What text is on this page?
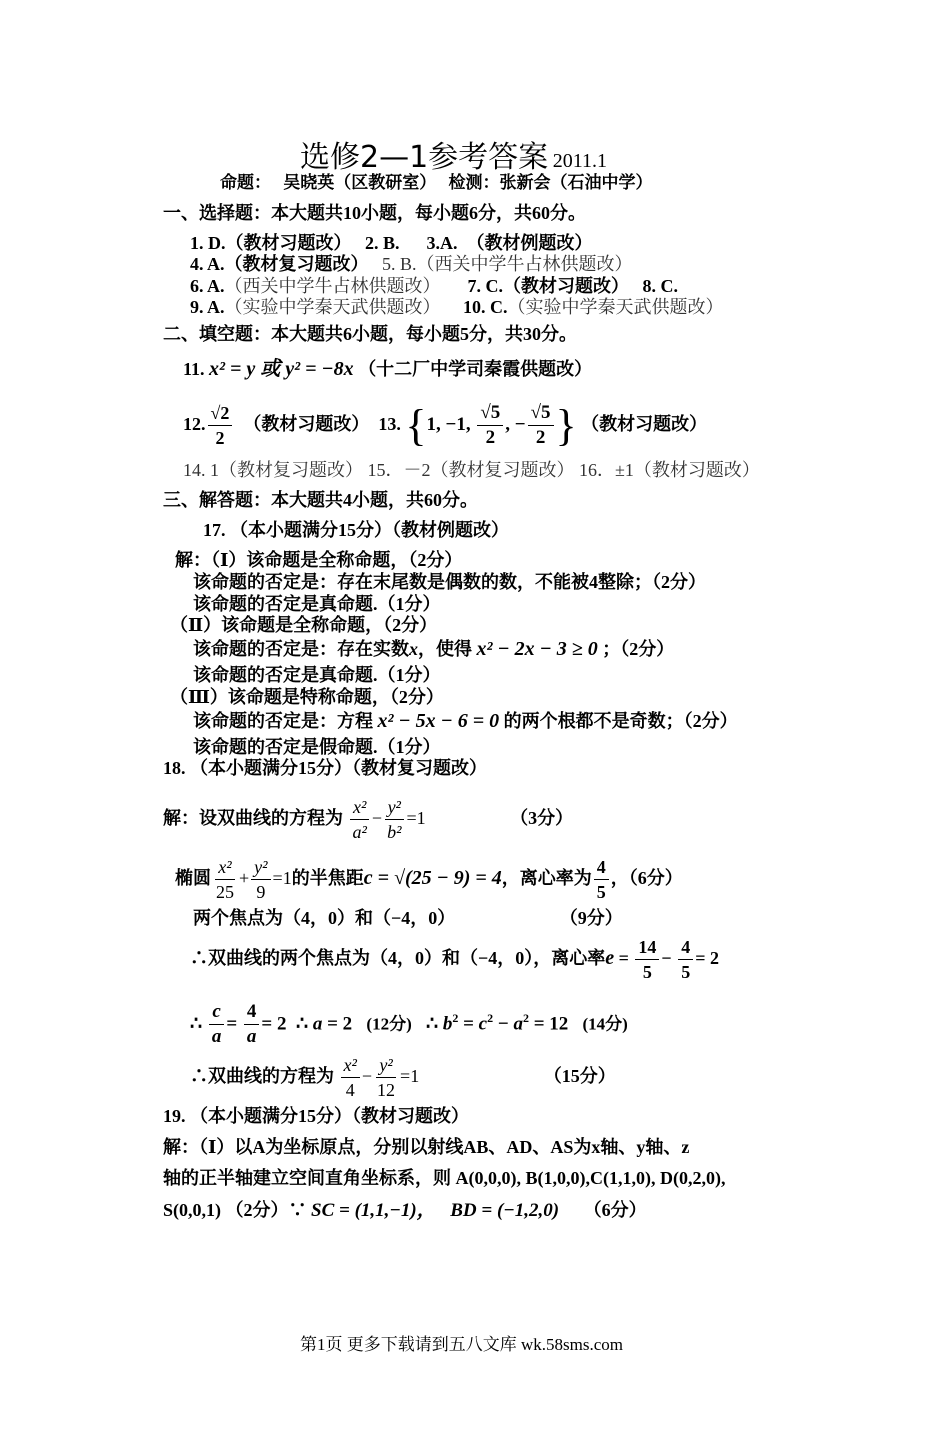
选修2—1参考答案 2011.1
命题： 吴晓英（区教研室） 检测：张新会（石油中学）
一、选择题：本大题共10小题，每小题6分，共60分。
1. D.（教材习题改） 2. B. 3.A. （教材例题改）
4. A.（教材复习题改） 5. B.（西关中学牛占林供题改）
6. A.（西关中学牛占林供题改） 7. C.（教材习题改） 8. C.
9. A.（实验中学秦天武供题改） 10. C.（实验中学秦天武供题改）
二、填空题：本大题共6小题，每小题5分，共30分。
11. x² = y 或 y² = −8x （十二厂中学司秦霞供题改）
12. $\frac{√2}{2}$ （教材习题改） 13. {1, −1, $\frac{√5}{2}$ , − $\frac{√5}{2}$ } （教材习题改）
14. 1（教材复习题改） 15．－2（教材复习题改） 16．±1（教材习题改）
三、解答题：本大题共4小题，共60分。
17. （本小题满分15分）（教材例题改）
解：（Ⅰ）该命题是全称命题，（2分）
该命题的否定是：存在末尾数是偶数的数，不能被4整除；（2分）
该命题的否定是真命题.（1分）
（Ⅱ）该命题是全称命题，（2分）
该命题的否定是：存在实数x，使得 x² − 2x − 3 ≥ 0 ；（2分）
该命题的否定是真命题.（1分）
（Ⅲ）该命题是特称命题，（2分）
该命题的否定是：方程 x² − 5x − 6 = 0 的两个根都不是奇数；（2分）
该命题的否定是假命题.（1分）
18. （本小题满分15分）（教材复习题改）
解：设双曲线的方程为 $\frac{\text{x²}}{\text{a²}} - \frac{\text{y²}}{\text{b²}} =1$	（3分）
椭圆 $\frac{\text{x²}}{25} + \frac{\text{y²}}{9} =1$的半焦距c = √(25 − 9) = 4，离心率为 $\frac{4}{5}$ ，（6分）
两个焦点为（4，0）和（−4，0）	（9分）
∴双曲线的两个焦点为（4，0）和（−4，0），离心率$e = \frac{14}{5} - \frac{4}{5} = 2$
∴ $\frac{c}{a} = \frac{4}{a} = 2$  ∴ a = 2   (12分)   ∴ $b^2 = c^2 - a^2 = 12$   (14分)
∴双曲线的方程为 $\frac{\text{x²}}{4} - \frac{\text{y²}}{12} =1$	（15分）
19. （本小题满分15分）（教材习题改）
解：（Ⅰ）以A为坐标原点，分别以射线AB、AD、AS为x轴、y轴、z
轴的正半轴建立空间直角坐标系，则 A(0,0,0), B(1,0,0),C(1,1,0), D(0,2,0),
S(0,0,1) （2分）∵ SC = (1,1,−1)， BD = (−1,2,0) （6分）
第1页 更多下载请到五八文库 wk.58sms.com
